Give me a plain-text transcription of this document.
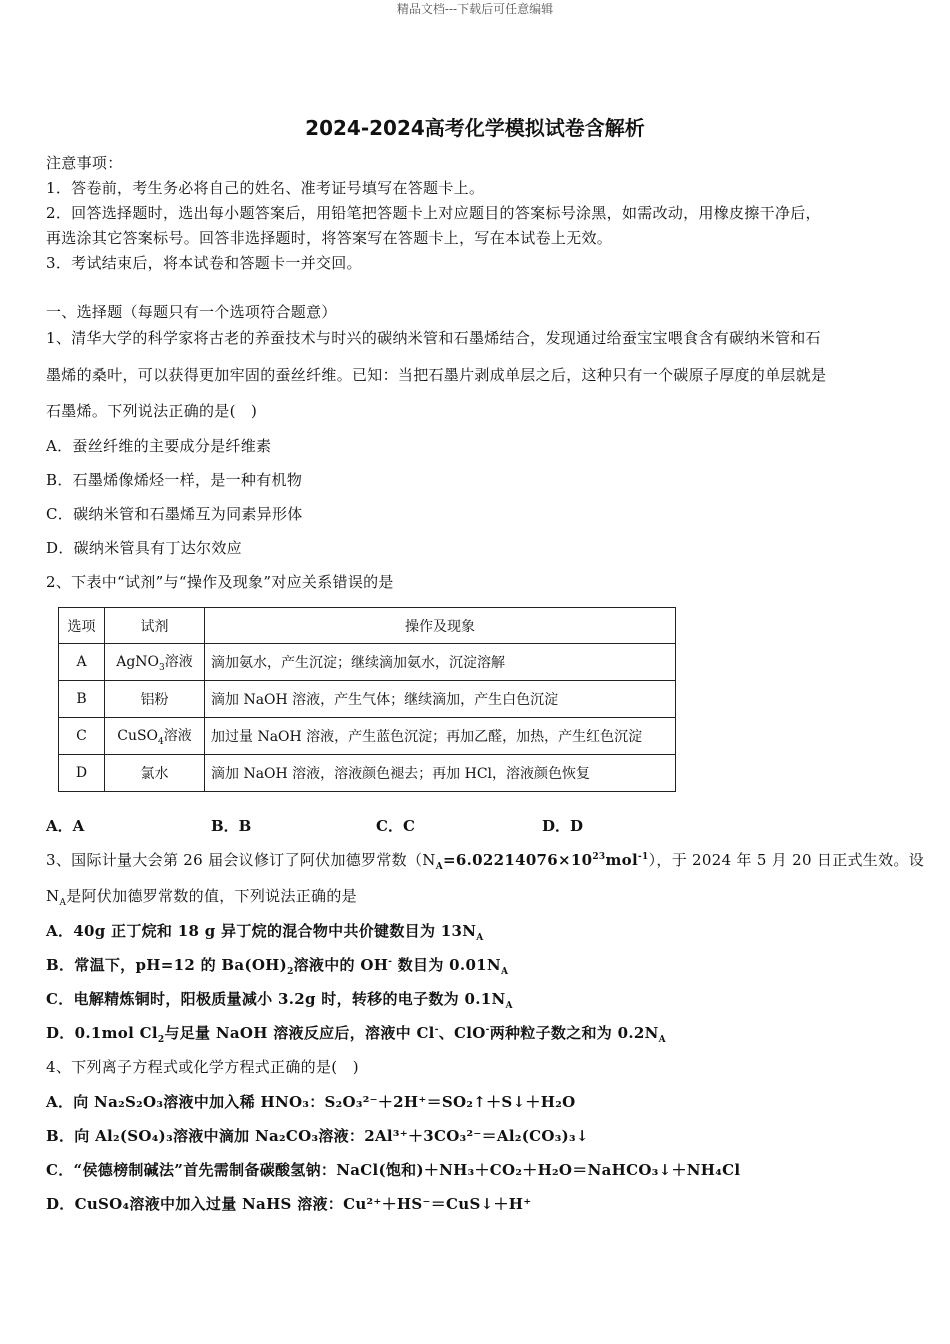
精品文档---下载后可任意编辑
2024-2024高考化学模拟试卷含解析
注意事项：
1．答卷前，考生务必将自己的姓名、准考证号填写在答题卡上。
2．回答选择题时，选出每小题答案后，用铅笔把答题卡上对应题目的答案标号涂黑，如需改动，用橡皮擦干净后，
再选涂其它答案标号。回答非选择题时，将答案写在答题卡上，写在本试卷上无效。
3．考试结束后，将本试卷和答题卡一并交回。
一、选择题（每题只有一个选项符合题意）
1、清华大学的科学家将古老的养蚕技术与时兴的碳纳米管和石墨烯结合，发现通过给蚕宝宝喂食含有碳纳米管和石
墨烯的桑叶，可以获得更加牢固的蚕丝纤维。已知：当把石墨片剥成单层之后，这种只有一个碳原子厚度的单层就是
石墨烯。下列说法正确的是(　)
A．蚕丝纤维的主要成分是纤维素
B．石墨烯像烯烃一样，是一种有机物
C．碳纳米管和石墨烯互为同素异形体
D．碳纳米管具有丁达尔效应
2、下表中“试剂”与“操作及现象”对应关系错误的是
选项	试剂	操作及现象
A	AgNO$_3$溶液	滴加氨水，产生沉淀；继续滴加氨水，沉淀溶解
B	铝粉	滴加 NaOH 溶液，产生气体；继续滴加，产生白色沉淀
C	CuSO$_4$溶液	加过量 NaOH 溶液，产生蓝色沉淀；再加乙醛，加热，产生红色沉淀
D	氯水	滴加 NaOH 溶液，溶液颜色褪去；再加 HCl，溶液颜色恢复
A．A	B．B	C．C	D．D
3、国际计量大会第 26 届会议修订了阿伏加德罗常数$(N_A=6.02214076\times 10^{23}mol^{-1})$，于 2024 年 5 月 20 日正式生效。设
$N_A$是阿伏加德罗常数的值，下列说法正确的是
A．40g 正丁烷和 18 g 异丁烷的混合物中共价键数目为 $13N_A$
B．常温下，pH=12 的 $Ba(OH)_2$溶液中的 OH- 数目为 $0.01N_A$
C．电解精炼铜时，阳极质量减小 3.2g 时，转移的电子数为 $0.1N_A$
D．0.1mol $Cl_2$与足量 NaOH 溶液反应后，溶液中 Cl-、ClO-两种粒子数之和为 $0.2N_A$
4、下列离子方程式或化学方程式正确的是(　)
A．向 Na₂S₂O₃溶液中加入稀 HNO₃：S₂O₃²⁻＋2H⁺＝SO₂↑＋S↓＋H₂O
B．向 Al₂(SO₄)₃溶液中滴加 Na₂CO₃溶液：2Al³⁺＋3CO₃²⁻＝Al₂(CO₃)₃↓
C．“侯德榜制碱法”首先需制备碳酸氢钠：NaCl(饱和)＋NH₃＋CO₂＋H₂O＝NaHCO₃↓＋NH₄Cl
D．CuSO₄溶液中加入过量 NaHS 溶液：Cu²⁺＋HS⁻＝CuS↓＋H⁺
